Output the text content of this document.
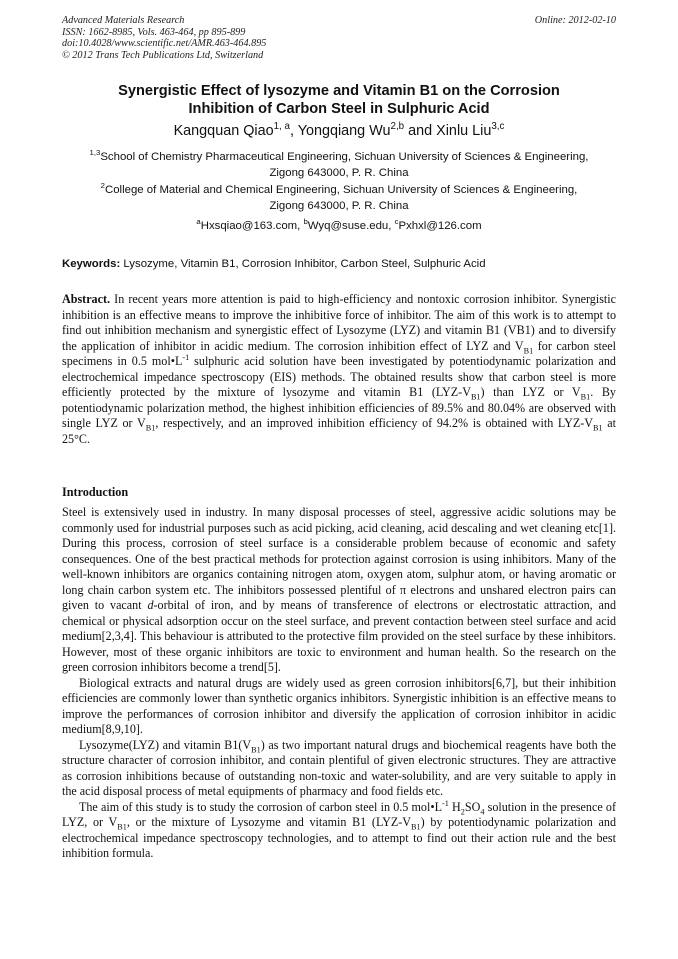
Advanced Materials Research
ISSN: 1662-8985, Vols. 463-464, pp 895-899
doi:10.4028/www.scientific.net/AMR.463-464.895
© 2012 Trans Tech Publications Ltd, Switzerland
Online: 2012-02-10
Synergistic Effect of lysozyme and Vitamin B1 on the Corrosion
Inhibition of Carbon Steel in Sulphuric Acid
Kangquan Qiao$^{1, a}$, Yongqiang Wu$^{2,b}$ and Xinlu Liu$^{3,c}$
$^{1,3}$School of Chemistry Pharmaceutical Engineering, Sichuan University of Sciences & Engineering,
Zigong 643000, P. R. China
$^2$College of Material and Chemical Engineering, Sichuan University of Sciences & Engineering,
Zigong 643000, P. R. China
$^a$Hxsqiao@163.com, $^b$Wyq@suse.edu, $^c$Pxhxl@126.com
Keywords: Lysozyme, Vitamin B1, Corrosion Inhibitor, Carbon Steel, Sulphuric Acid
Abstract. In recent years more attention is paid to high-efficiency and nontoxic corrosion inhibitor. Synergistic inhibition is an effective means to improve the inhibitive force of inhibitor. The aim of this work is to attempt to find out inhibition mechanism and synergistic effect of Lysozyme (LYZ) and vitamin B1 (VB1) and to diversify the application of inhibitor in acidic medium. The corrosion inhibition effect of LYZ and $V_{B1}$ for carbon steel specimens in 0.5 $mol•L^{-1}$ sulphuric acid solution have been investigated by potentiodynamic polarization and electrochemical impedance spectroscopy (EIS) methods. The obtained results show that carbon steel is more efficiently protected by the mixture of lysozyme and vitamin B1 $(LYZ-V_{B1})$ than LYZ or $V_{B1}$. By potentiodynamic polarization method, the highest inhibition efficiencies of 89.5% and 80.04% are observed with single LYZ or $V_{B1}$, respectively, and an improved inhibition efficiency of 94.2% is obtained with LYZ-$V_{B1}$ at 25°C.
Introduction

Steel is extensively used in industry. In many disposal processes of steel, aggressive acidic solutions may be commonly used for industrial purposes such as acid picking, acid cleaning, acid descaling and wet cleaning etc[1]. During this process, corrosion of steel surface is a considerable problem because of economic and safety consequences. One of the best practical methods for protection against corrosion is using inhibitors. Many of the well-known inhibitors are organics containing nitrogen atom, oxygen atom, sulphur atom, or having aromatic or long chain carbon system etc. The inhibitors possessed plentiful of π electrons and unshared electron pairs can given to vacant d-orbital of iron, and by means of transference of electrons or electrostatic attraction, and chemical or physical adsorption occur on the steel surface, and prevent contaction between steel surface and acid medium[2,3,4]. This behaviour is attributed to the protective film provided on the steel surface by these inhibitors. However, most of these organic inhibitors are toxic to environment and human health. So the research on the green corrosion inhibitors become a trend[5].

Biological extracts and natural drugs are widely used as green corrosion inhibitors[6,7], but their inhibition efficiencies are commonly lower than synthetic organics inhibitors. Synergistic inhibition is an effective means to improve the performances of corrosion inhibitor and diversify the application of corrosion inhibitor in acidic medium[8,9,10].

Lysozyme(LYZ) and vitamin $B1(V_{B1})$ as two important natural drugs and biochemical reagents have both the structure character of corrosion inhibitor, and contain plentiful of given electronic structures. They are attractive as corrosion inhibitions because of outstanding non-toxic and water-solubility, and are very suitable to apply in the acid disposal process of metal equipments of pharmacy and food fields etc.

The aim of this study is to study the corrosion of carbon steel in 0.5 $mol•L^{-1}$ $H_2SO_4$ solution in the presence of LYZ, or $V_{B1}$, or the mixture of Lysozyme and vitamin B1 $(LYZ-V_{B1})$ by potentiodynamic polarization and electrochemical impedance spectroscopy technologies, and to attempt to find out their action rule and the best inhibition formula.
